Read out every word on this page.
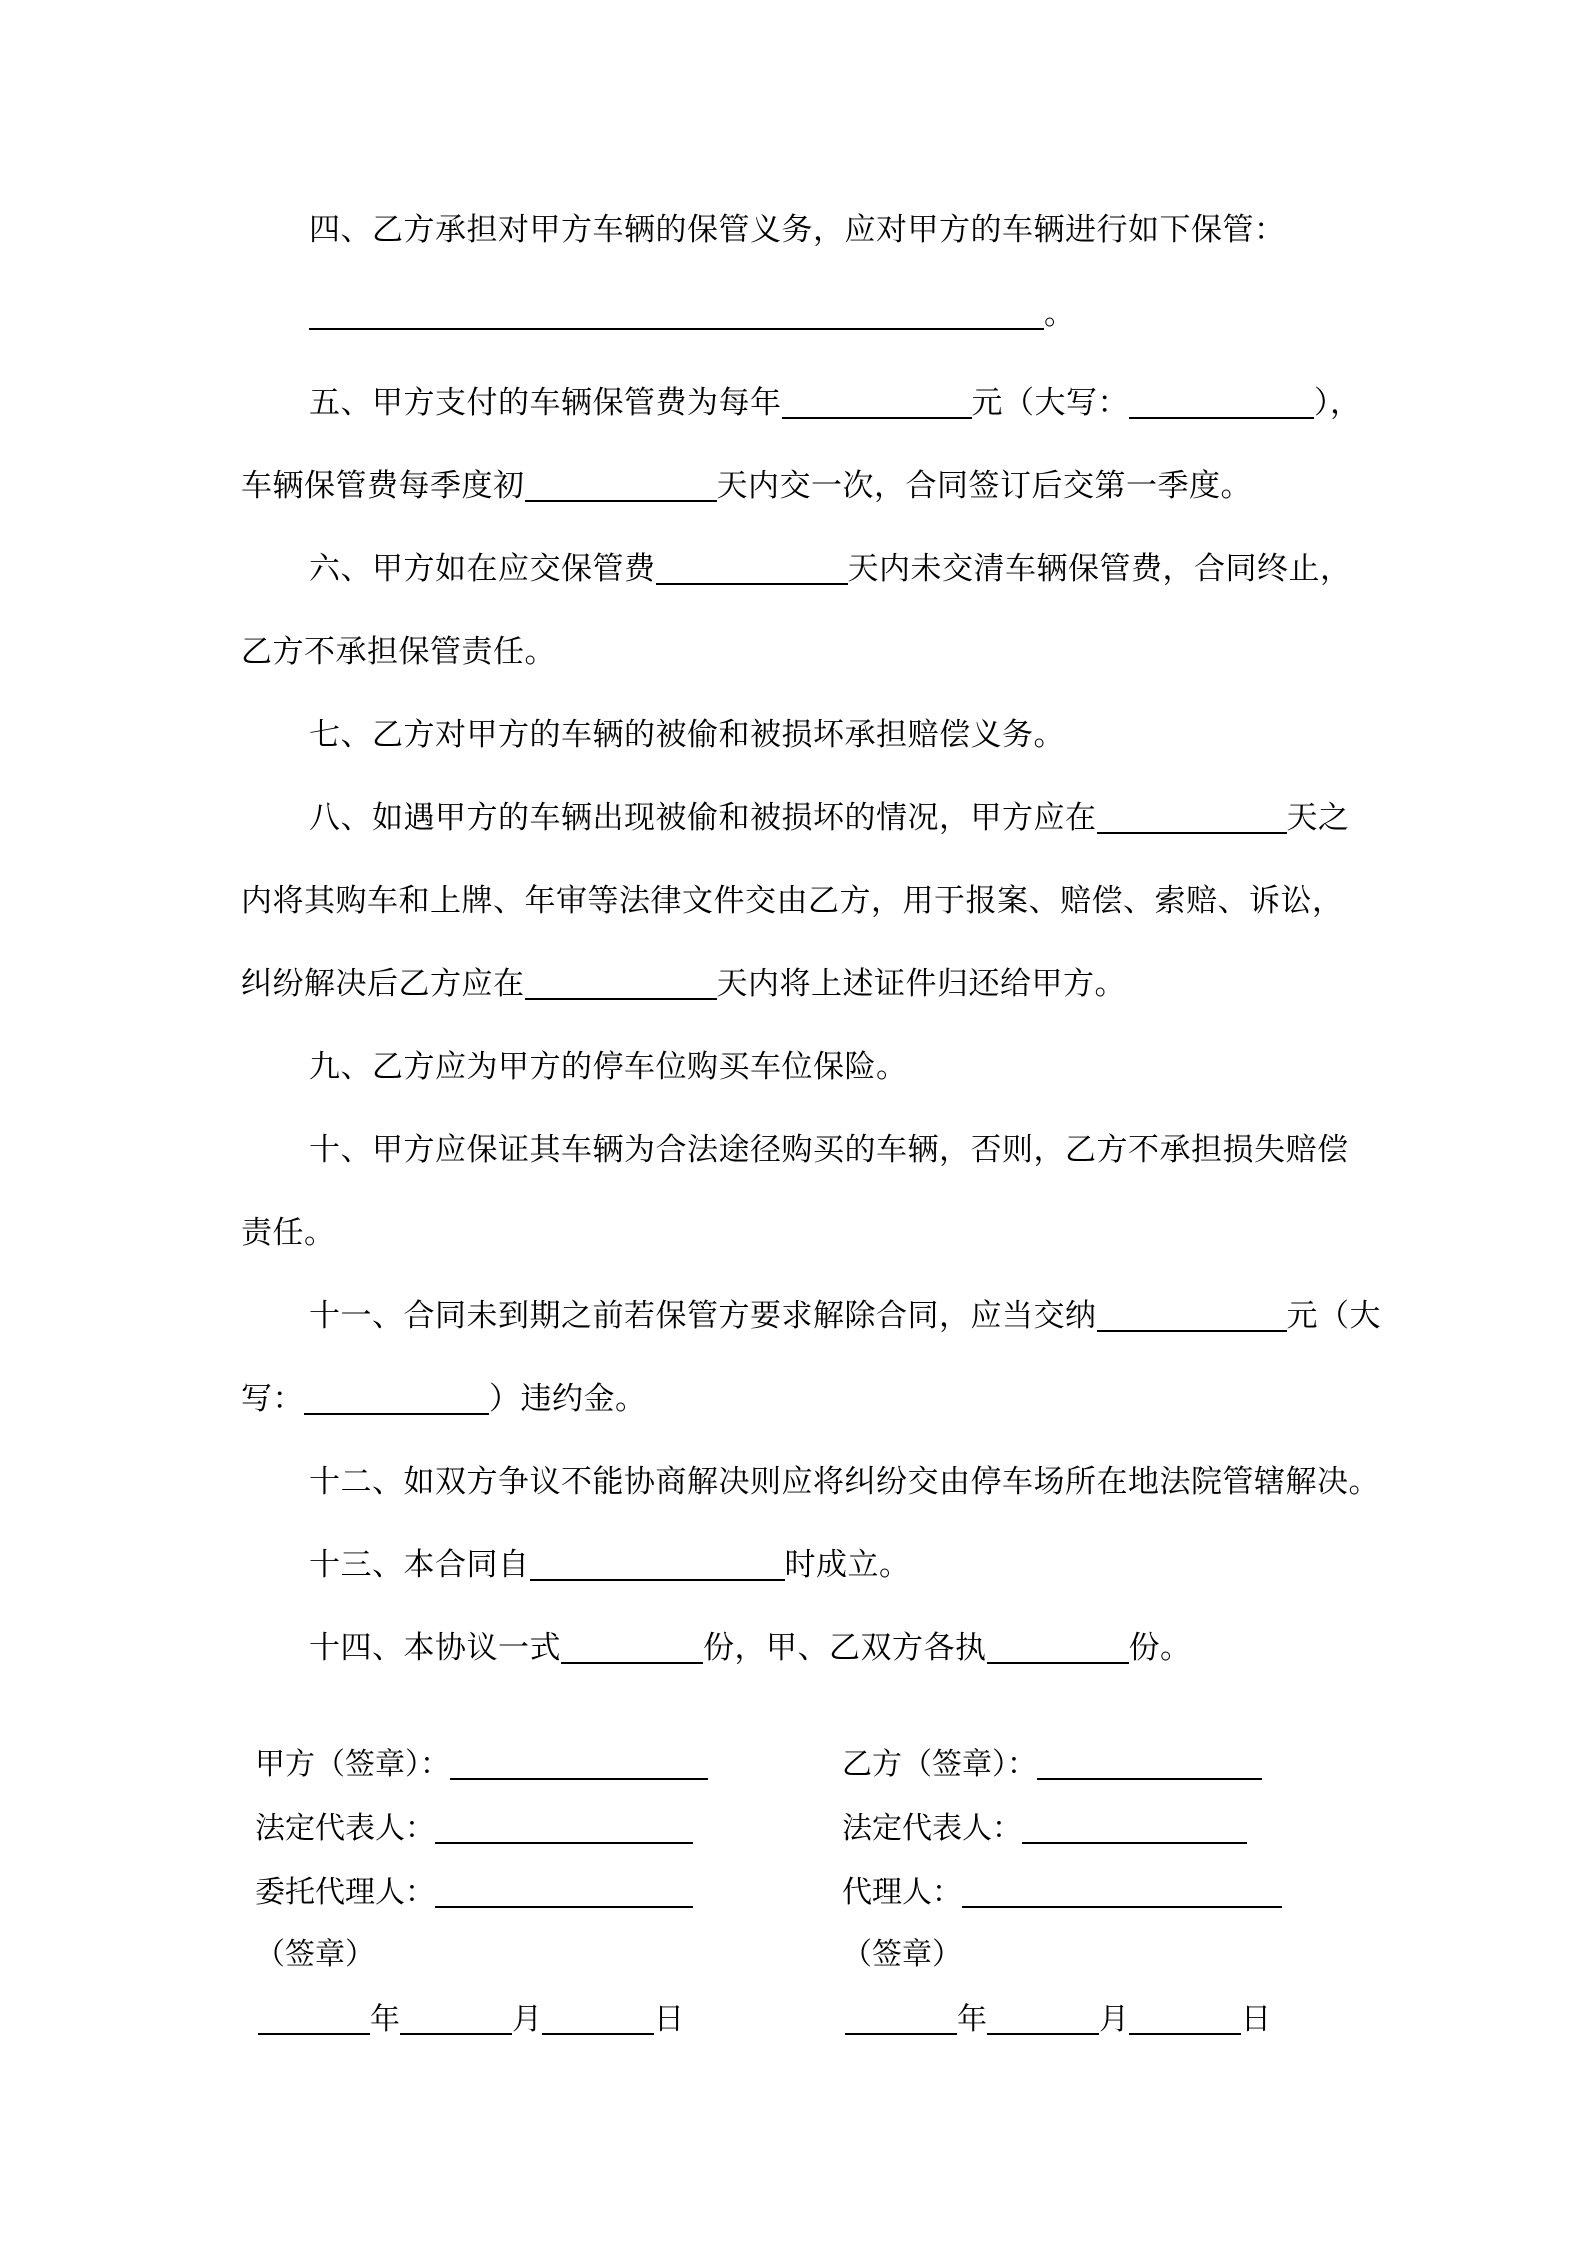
四、乙方承担对甲方车辆的保管义务，应对甲方的车辆进行如下保管：
。
五、甲方支付的车辆保管费为每年	元（大写：	），
车辆保管费每季度初	天内交一次，合同签订后交第一季度。
六、甲方如在应交保管费	天内未交清车辆保管费，合同终止，
乙方不承担保管责任。
七、乙方对甲方的车辆的被偷和被损坏承担赔偿义务。
八、如遇甲方的车辆出现被偷和被损坏的情况，甲方应在	天之
内将其购车和上牌、年审等法律文件交由乙方，用于报案、赔偿、索赔、诉讼，
纠纷解决后乙方应在	天内将上述证件归还给甲方。
九、乙方应为甲方的停车位购买车位保险。
十、甲方应保证其车辆为合法途径购买的车辆，否则，乙方不承担损失赔偿
责任。
十一、合同未到期之前若保管方要求解除合同，应当交纳	元（大
写：	）违约金。
十二、如双方争议不能协商解决则应将纠纷交由停车场所在地法院管辖解决。
十三、本合同自	时成立。
十四、本协议一式	份，甲、乙双方各执	份。
甲方（签章）：
法定代表人：
委托代理人：
（签章）
年	月	日
乙方（签章）：
法定代表人：
代理人：
（签章）
年	月	日
